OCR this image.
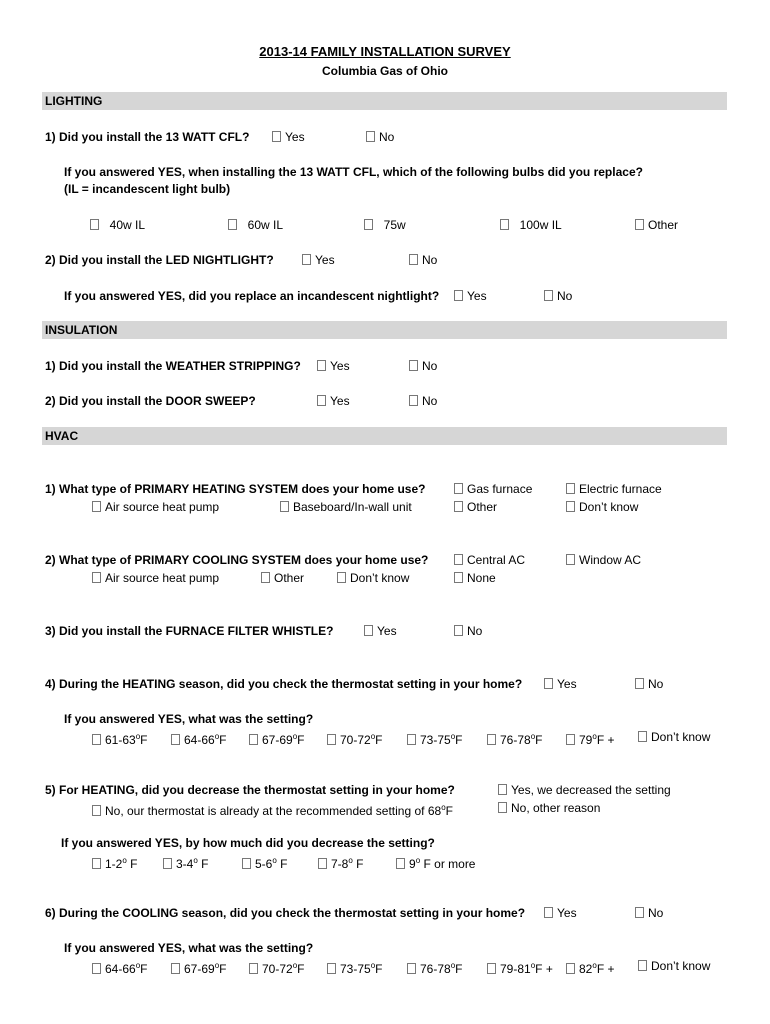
2013-14 FAMILY INSTALLATION SURVEY
Columbia Gas of Ohio
LIGHTING
1) Did you install the 13 WATT CFL?	Yes	No
If you answered YES, when installing the 13 WATT CFL, which of the following bulbs did you replace?
(IL = incandescent light bulb)
40w IL	60w IL	75w	100w IL	Other
2) Did you install the LED NIGHTLIGHT?	Yes	No
If you answered YES, did you replace an incandescent nightlight?	Yes	No
INSULATION
1) Did you install the WEATHER STRIPPING?	Yes	No
2) Did you install the DOOR SWEEP?	Yes	No
HVAC
1) What type of PRIMARY HEATING SYSTEM does your home use?	Gas furnace	Electric furnace
Air source heat pump	Baseboard/In-wall unit	Other	Don’t know
2) What type of PRIMARY COOLING SYSTEM does your home use?	Central AC	Window AC
Air source heat pump	Other	Don’t know	None
3) Did you install the FURNACE FILTER WHISTLE?	Yes	No
4) During the HEATING season, did you check the thermostat setting in your home?	Yes	No
If you answered YES, what was the setting?
61-63$^o$F	64-66$^o$F	67-69$^o$F	70-72$^o$F	73-75$^o$F	76-78$^o$F	$79^oF$ +	Don’t know
5) For HEATING, did you decrease the thermostat setting in your home?	Yes, we decreased the setting
No, our thermostat is already at the recommended setting of 68$^o$F	No, other reason
If you answered YES, by how much did you decrease the setting?
1-2$^o$ F	3-4$^o$ F	5-6$^o$ F	7-8$^o$ F	9$^o$ F or more
6) During the COOLING season, did you check the thermostat setting in your home?	Yes	No
If you answered YES, what was the setting?
64-66$^o$F	67-69$^o$F	70-72$^o$F	73-75$^o$F	76-78$^o$F	$79-81^oF$ +	$82^oF$ +	Don’t know
